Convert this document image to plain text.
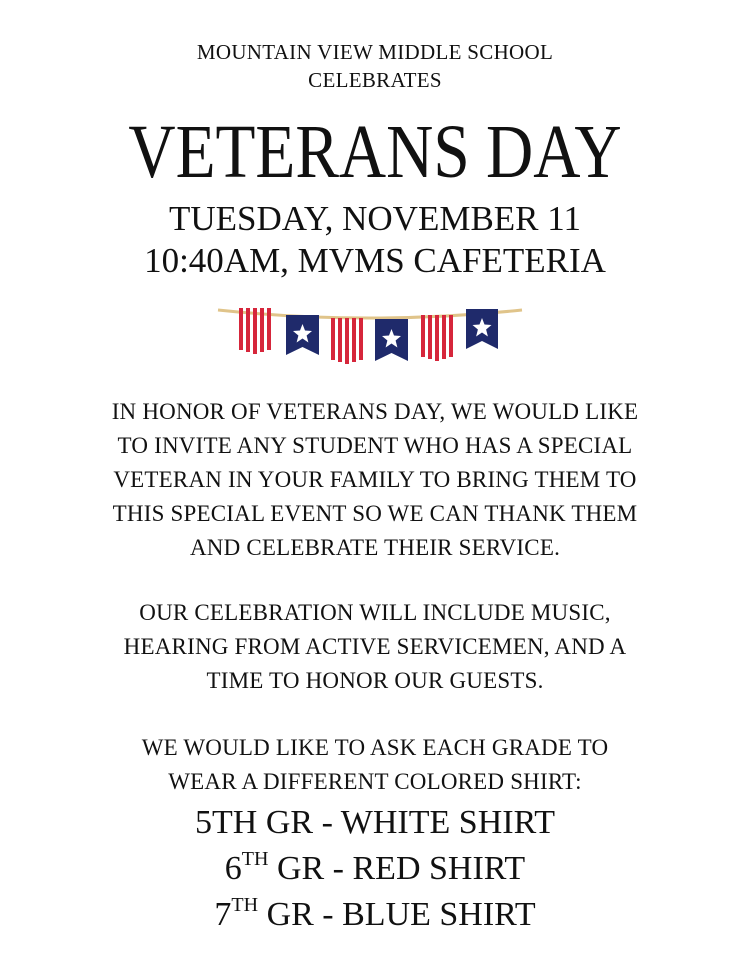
MOUNTAIN VIEW MIDDLE SCHOOL
CELEBRATES
VETERANS DAY
TUESDAY, NOVEMBER 11
10:40AM, MVMS CAFETERIA
IN HONOR OF VETERANS DAY, WE WOULD LIKE
TO INVITE ANY STUDENT WHO HAS A SPECIAL
VETERAN IN YOUR FAMILY TO BRING THEM TO
THIS SPECIAL EVENT SO WE CAN THANK THEM
AND CELEBRATE THEIR SERVICE.
OUR CELEBRATION WILL INCLUDE MUSIC,
HEARING FROM ACTIVE SERVICEMEN, AND A
TIME TO HONOR OUR GUESTS.
WE WOULD LIKE TO ASK EACH GRADE TO
WEAR A DIFFERENT COLORED SHIRT:
5TH GR - WHITE SHIRT
6TH GR - RED SHIRT
7TH GR - BLUE SHIRT
